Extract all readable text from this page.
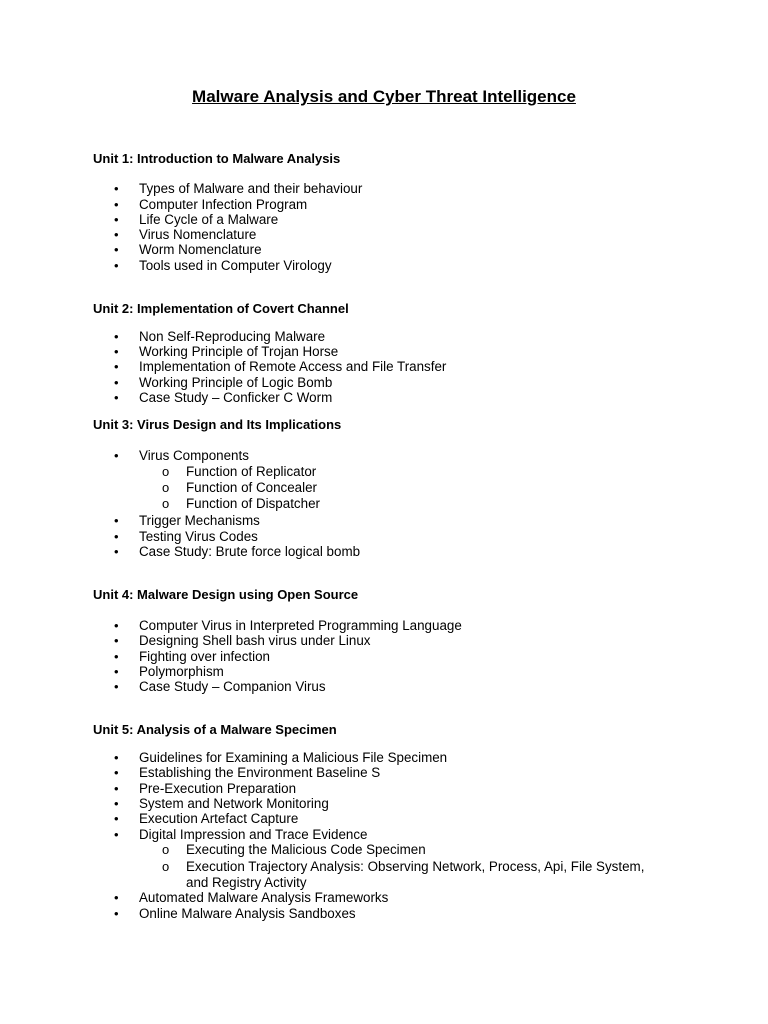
Malware Analysis and Cyber Threat Intelligence
Unit 1: Introduction to Malware Analysis
• Types of Malware and their behaviour
• Computer Infection Program
• Life Cycle of a Malware
• Virus Nomenclature
• Worm Nomenclature
• Tools used in Computer Virology
Unit 2: Implementation of Covert Channel
• Non Self-Reproducing Malware
• Working Principle of Trojan Horse
• Implementation of Remote Access and File Transfer
• Working Principle of Logic Bomb
• Case Study – Conficker C Worm
Unit 3: Virus Design and Its Implications
• Virus Components
o Function of Replicator
o Function of Concealer
o Function of Dispatcher
• Trigger Mechanisms
• Testing Virus Codes
• Case Study: Brute force logical bomb
Unit 4: Malware Design using Open Source
• Computer Virus in Interpreted Programming Language
• Designing Shell bash virus under Linux
• Fighting over infection
• Polymorphism
• Case Study – Companion Virus
Unit 5: Analysis of a Malware Specimen
• Guidelines for Examining a Malicious File Specimen
• Establishing the Environment Baseline S
• Pre-Execution Preparation
• System and Network Monitoring
• Execution Artefact Capture
• Digital Impression and Trace Evidence
o Executing the Malicious Code Specimen
o Execution Trajectory Analysis: Observing Network, Process, Api, File System,
and Registry Activity
• Automated Malware Analysis Frameworks
• Online Malware Analysis Sandboxes
